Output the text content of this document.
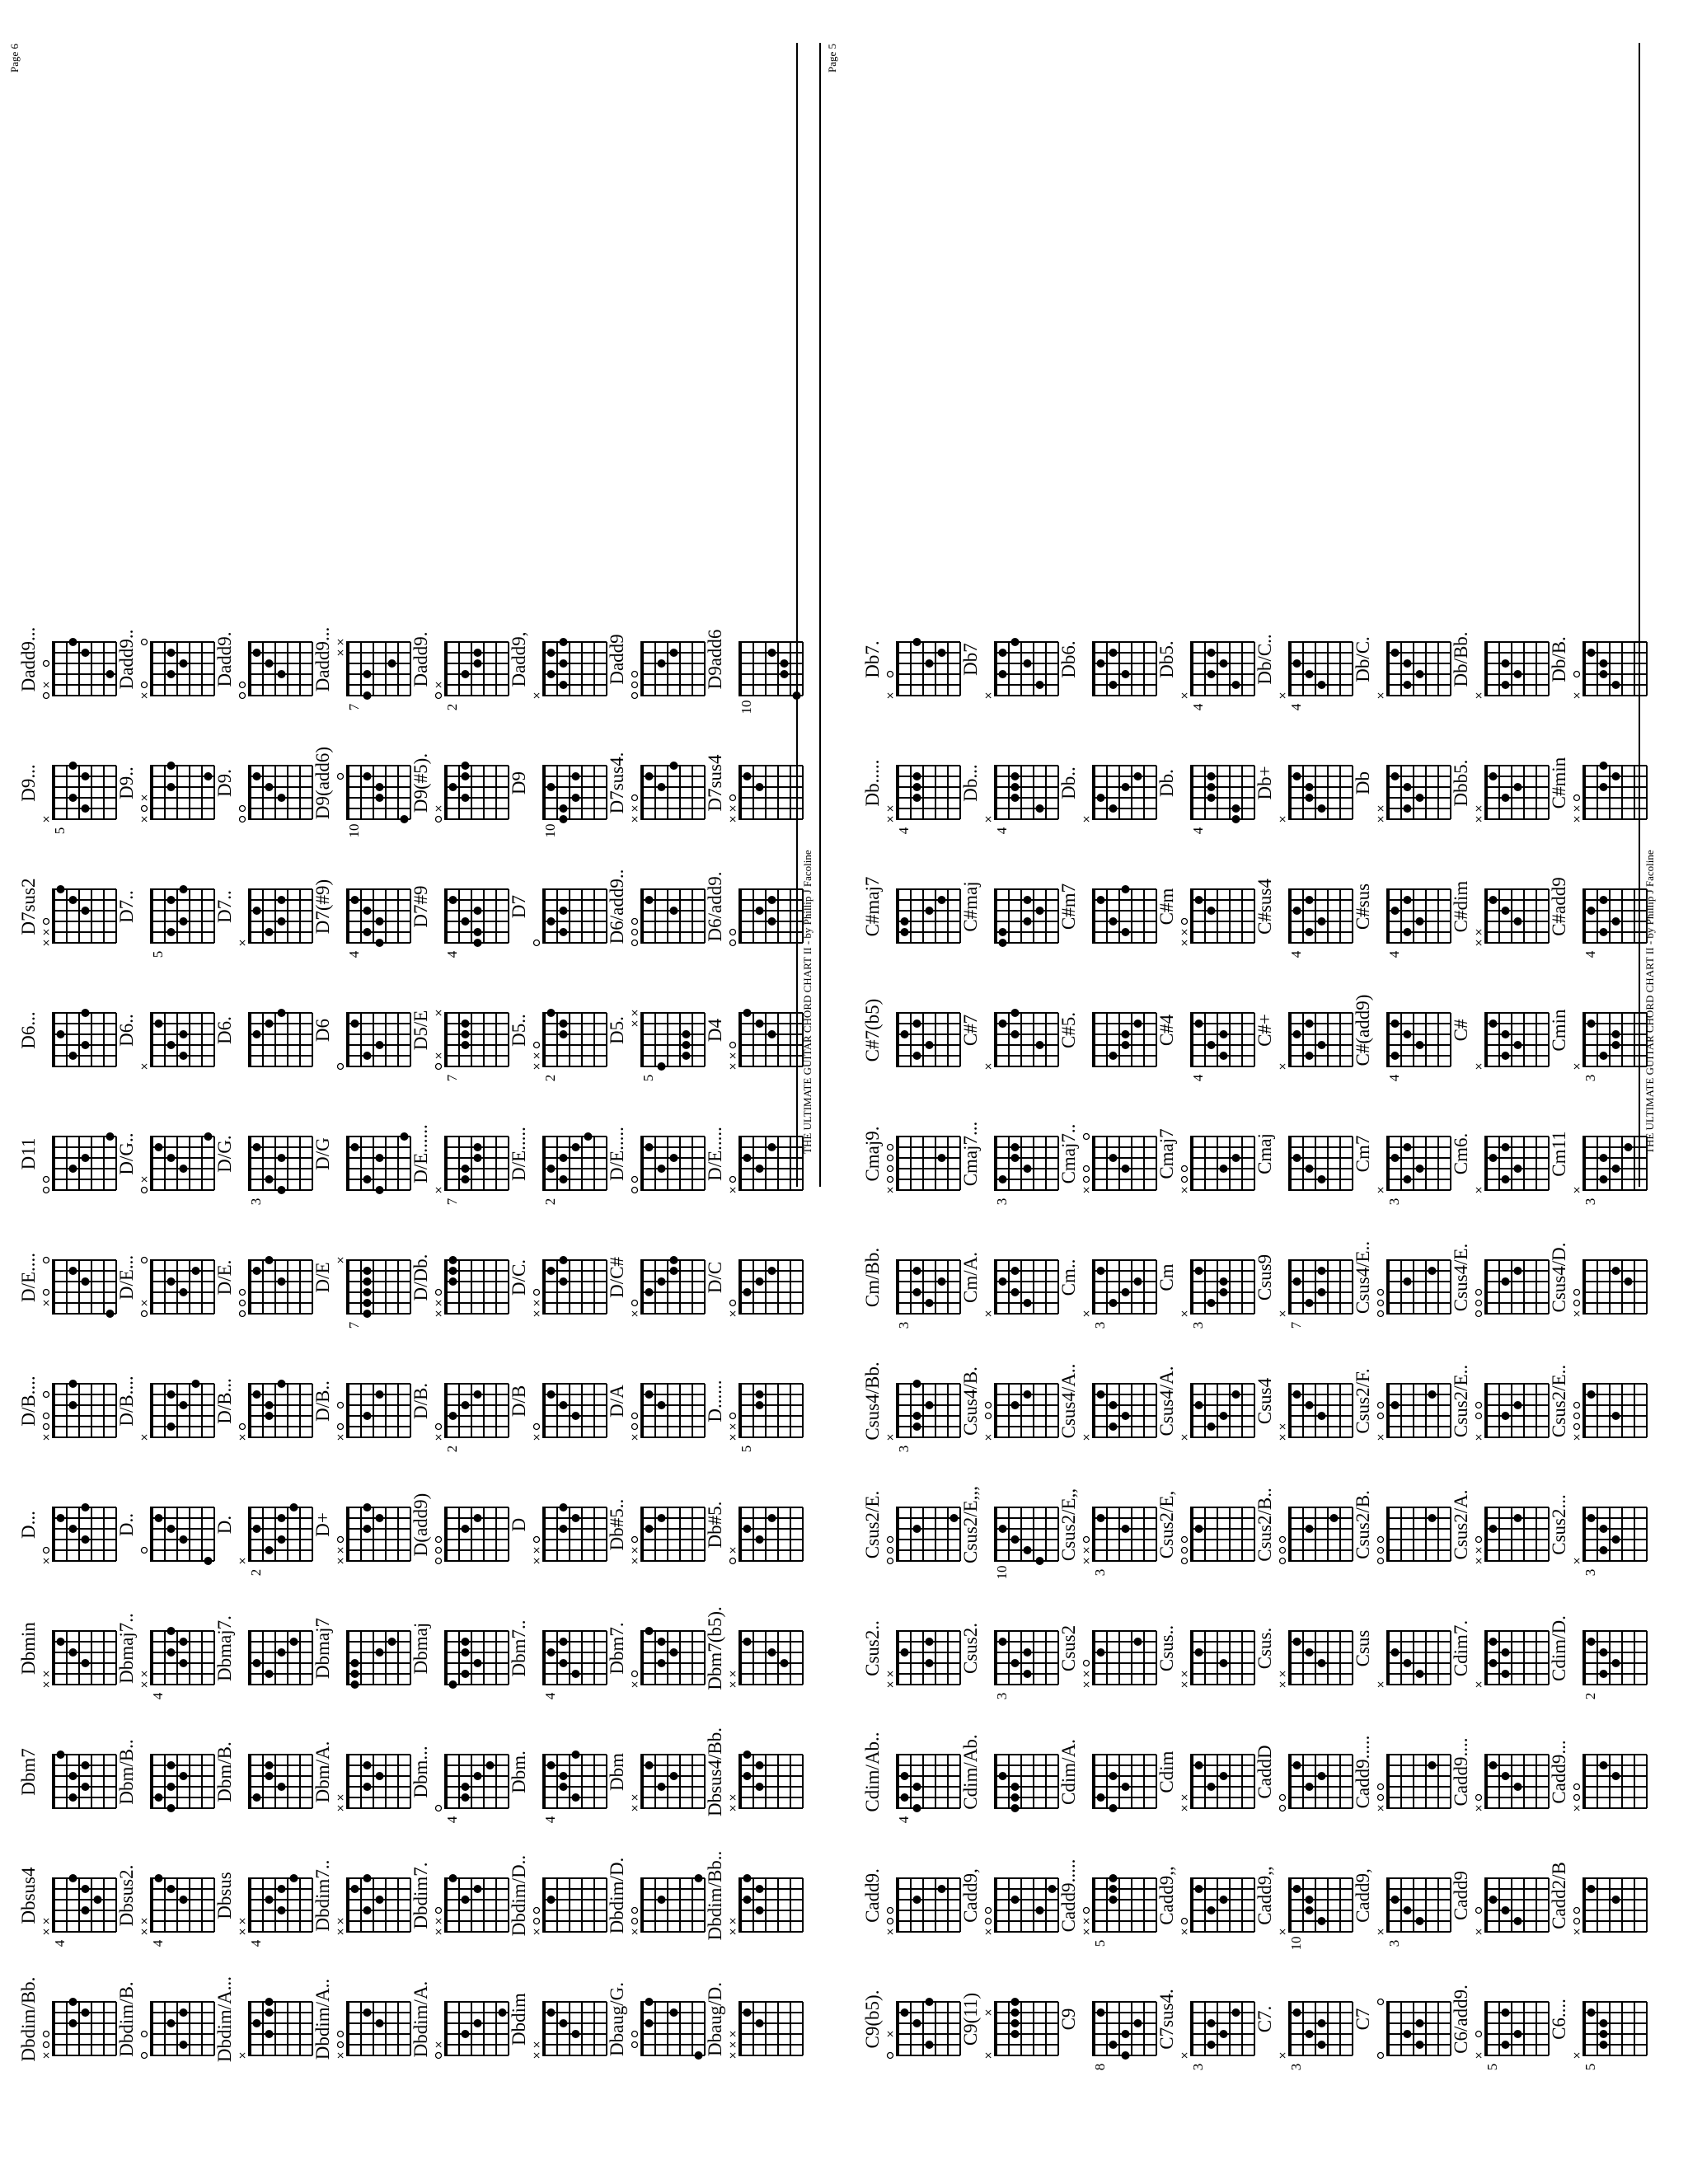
THE ULTIMATE GUITAR CHORD CHART II - by Phillip J Facoline
Page 6
Dbdim/Bb. ×
Dbsus4
×
×
4
Dbm7
Dbmin
×
×
D...
×
D/B....
×
D/E....
×
D11
D6...
D7sus2
×
×
D9...
×
5
Dadd9... ×
Dbdim/B.
Dbsus2.
×
×
4
Dbm/B..
Dbmaj7..
×
×
4
D..
D/B....
×
D/E...
×
D/G..
×
D6..
×
D7..
5
D9..
×
×
Dadd9..
×
Dbdim/A... ×
Dbsus
×
×
4
Dbm/B.
Dbmaj7.
D.
×
2
D/B...
×
D/E.
D/G.
3
D6.
D7..
×
D9.
Dadd9.
Dbdim/A.. ×
Dbdim7..
×
×
Dbm/A.
×
×
Dbmaj7
D+
×
×
D/B..
×
D/E
×
7
D/G
D6
D7(#9)
4
D9(add6)
10
Dadd9... ×
×
7
Dbdim/A. ×
Dbdim7.
×
×
Dbm...
4
Dbmaj
D(add9)
D/B.
×
2
D/Db.
×
×
D/E......
×
7
D5/E
×
×
7
D7#9
4
D9(#5). ×
Dadd9. ×
2
Dbdim
×
×
Dbdim/D.. ×
Dbm.
4
Dbm7..
4
D
×
×
D/B
×
D/C.
×
×
D/E.....
2
D5..
×
×
2
D7
D9
10
Dadd9,
×
Dbaug/G.
Dbdim/D. ×
Dbm
×
×
Dbm7.
×
Db#5..
×
×
D/A
×
D/C#
×
D/E.....
D5. ×
×
5
D6/add9..
D7sus4.
×
×
Dadd9
Dbaug/D. ×
×
×
Dbdim/Bb.. ×
×
Dbsus4/Bb. ×
×
Dbm7(b5). ×
×
Db#5.
×
D......
×
×
5
D/C
×
D/E.....
×
D4
×
×
D6/add9.
D7sus4
×
×
D9add6
10
THE ULTIMATE GUITAR CHORD CHART II - by Phillip J Facoline
Page 5
C9(b5). ×
Cadd9.
×
Cdim/Ab..
4
Csus2..
×
×
Csus2/E.
Csus4/Bb. ×
3
Cm/Bb.
3
Cmaj9.
×
C#7(b5)
C#maj7
Db.....
×
×
4
Db7.
×
C9(11)
×
×
Cadd9,
×
Cdim/Ab.
Csus2.
3
Csus2/E,,,
10
Csus4/B.
×
Cm/A.
×
Cmaj7...
3
C#7
×
C#maj
Db...
×
4
Db7
×
C9
8
Cadd9..... ×
×
5
Cdim/A.
Csus2
×
×
Csus2/E,, ×
×
3
Csus4/A.. ×
Cm..
×
3
Cmaj7..
×
C#5.
C#m7
Db..
×
Db6.
C7sus4.
×
3
Cadd9,,
×
Cdim
×
×
Csus..
×
×
Csus2/E,
Csus4/A.
×
Cm
×
3
Cmaj7
×
C#4
4
C#m
×
×
Db.
4
Db5.
×
4
C7.
×
3
Cadd9,,
×
10
CaddD
Csus.
×
×
Csus2/B..
Csus4
×
×
Csus9
×
7
Cmaj
C#+
×
C#sus4
4
Db+
×
Db/C..
×
4
C7
Cadd9,
×
3
Cadd9..... ×
Csus
×
Csus2/B.
Csus2/F.
×
Csus4/E..
Cm7
×
3
C#(add9)
4
C#sus
4
Db
×
×
Db/C.
×
C6/add9.
×
5
Cadd9
×
Cadd9....
×
Cdim7.
×
Csus2/A.
×
×
Csus2/E.. ×
Csus4/E.
Cm6.
×
C#
×
C#dim
×
×
Dbb5.
×
×
Db/Bb.
×
C6....
×
5
Cadd2/B
×
Cadd9...
×
Cdim/D.
2
Csus2...
×
3
Csus2/E.. ×
Csus4/D.
×
Cm11
×
3
Cmin
×
3
C#add9
4
C#min
×
×
Db/B.
×
